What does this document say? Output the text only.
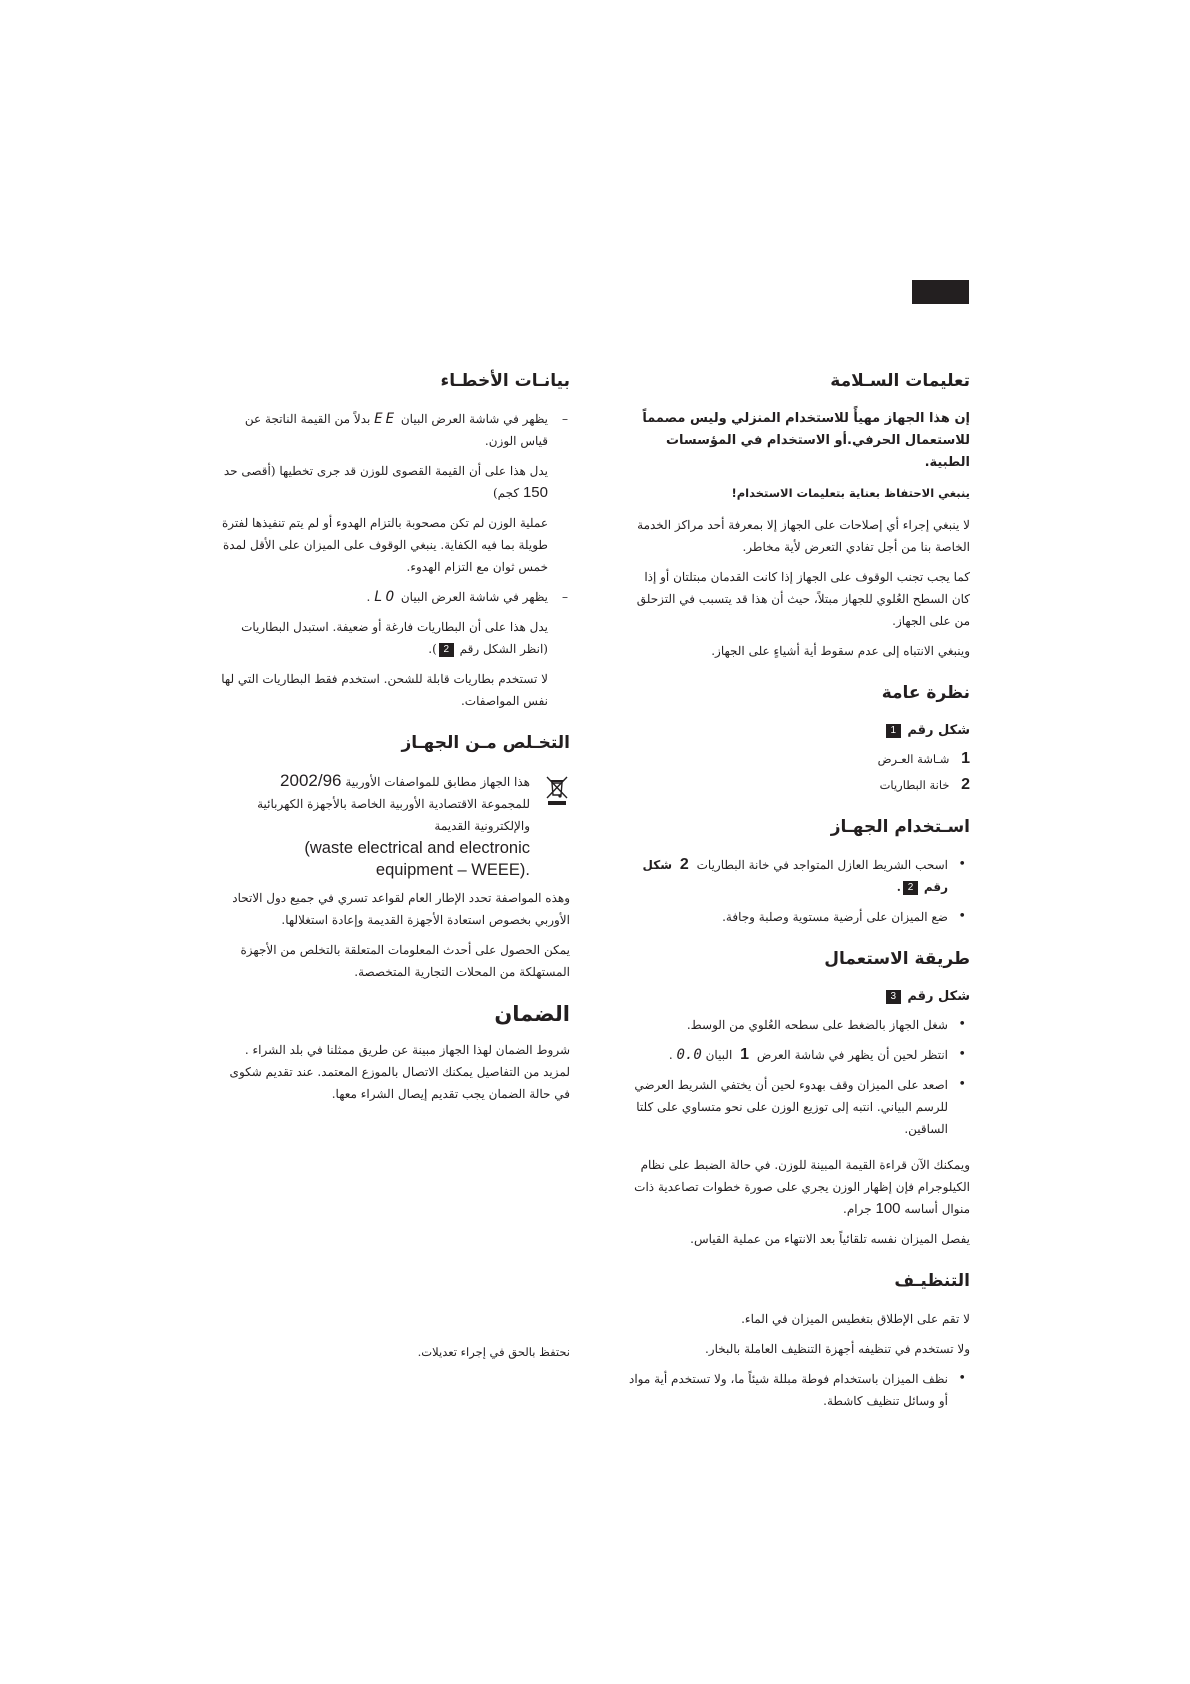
تعليمات السـلامة

إن هذا الجهاز مهيأً للاستخدام المنزلي وليس مصمماً للاستعمال الحرفي.أو الاستخدام في المؤسسات الطبية.

ينبغي الاحتفاظ بعناية بتعليمات الاستخدام!

لا ينبغي إجراء أي إصلاحات على الجهاز إلا بمعرفة أحد مراكز الخدمة الخاصة بنا من أجل تفادي التعرض لأية مخاطر.

كما يجب تجنب الوقوف على الجهاز إذا كانت القدمان مبتلتان أو إذا كان السطح العُلوي للجهاز مبتلاً، حيث أن هذا قد يتسبب في التزحلق من على الجهاز.

وينبغي الانتباه إلى عدم سقوط أية أشياءٍ على الجهاز.

نظرة عامة
شكل رقم 1
1 شـاشة العـرض
2 خانة البطاريات
اسـتخدام الجهـاز
• اسحب الشريط العازل المتواجد في خانة البطاريات 2 شكل رقم 2.
• ضع الميزان على أرضية مستوية وصلبة وجافة.
طريقة الاستعمال
شكل رقم 3
• شغل الجهاز بالضغط على سطحه العُلوي من الوسط.
• انتظر لحين أن يظهر في شاشة العرض 1 البيان 0.0 .
• اصعد على الميزان وقف بهدوء لحين أن يختفي الشريط العرضي للرسم البياني. انتبه إلى توزيع الوزن على نحو متساوي على كلتا الساقين.

ويمكنك الآن قراءة القيمة المبينة للوزن. في حالة الضبط على نظام الكيلوجرام فإن إظهار الوزن يجري على صورة خطوات تصاعدية ذات منوال أساسه 100 جرام.

يفصل الميزان نفسه تلقائياً بعد الانتهاء من عملية القياس.

التنظيـف

لا تقم على الإطلاق بتغطيس الميزان في الماء.

ولا تستخدم في تنظيفه أجهزة التنظيف العاملة بالبخار.

• نظف الميزان باستخدام فوطة مبللة شيئاً ما، ولا تستخدم أية مواد أو وسائل تنظيف كاشطة.
بيانـات الأخطـاء
–
يظهر في شاشة العرض البيان EE بدلاً من القيمة الناتجة عن قياس الوزن.

يدل هذا على أن القيمة القصوى للوزن قد جرى تخطيها (أقصى حد 150 كجم)

عملية الوزن لم تكن مصحوبة بالتزام الهدوء أو لم يتم تنفيذها لفترة طويلة بما فيه الكفاية. ينبغي الوقوف على الميزان على الأقل لمدة خمس ثوان مع التزام الهدوء.

–
يظهر في شاشة العرض البيان LO .

يدل هذا على أن البطاريات فارغة أو ضعيفة. استبدل البطاريات (انظر الشكل رقم 2).

لا تستخدم بطاريات قابلة للشحن. استخدم فقط البطاريات التي لها نفس المواصفات.

التخـلص مـن الجهـاز
هذا الجهاز مطابق للمواصفات الأوربية 2002/96
للمجموعة الاقتصادية الأوربية الخاصة بالأجهزة الكهربائية والإلكترونية القديمة
waste electrical and electronic)
.(equipment – WEEE

وهذه المواصفة تحدد الإطار العام لقواعد تسري في جميع دول الاتحاد الأوربي بخصوص استعادة الأجهزة القديمة وإعادة استغلالها.

يمكن الحصول على أحدث المعلومات المتعلقة بالتخلص من الأجهزة المستهلكة من المحلات التجارية المتخصصة.

الضمان

شروط الضمان لهذا الجهاز مبينة عن طريق ممثلنا في بلد الشراء . لمزيد من التفاصيل يمكنك الاتصال بالموزع المعتمد. عند تقديم شكوى في حالة الضمان يجب تقديم إيصال الشراء معها.

نحتفظ بالحق في إجراء تعديلات.
